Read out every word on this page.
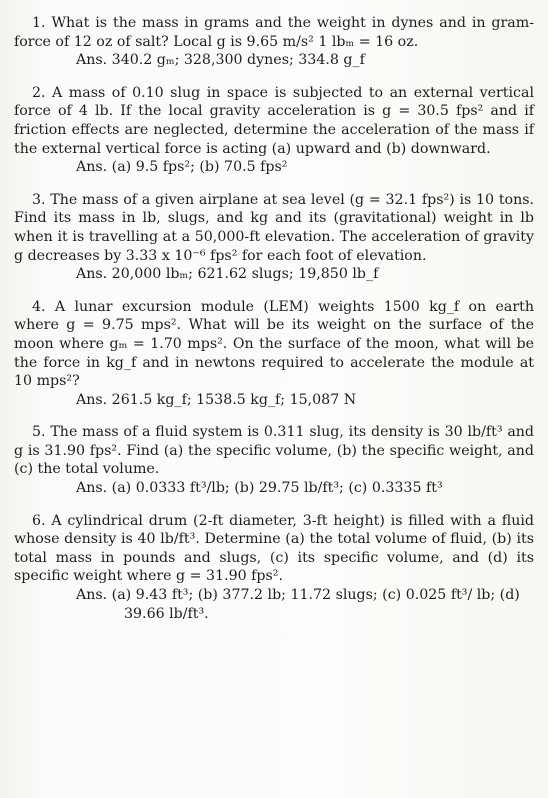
1. What is the mass in grams and the weight in dynes and in gram-force of 12 oz of salt? Local g is 9.65 m/s² 1 lbₘ = 16 oz.

Ans. 340.2 gₘ; 328,300 dynes; 334.8 g_f

2. A mass of 0.10 slug in space is subjected to an external vertical force of 4 lb. If the local gravity acceleration is g = 30.5 fps² and if friction effects are neglected, determine the acceleration of the mass if the external vertical force is acting (a) upward and (b) downward.

Ans. (a) 9.5 fps²; (b) 70.5 fps²

3. The mass of a given airplane at sea level (g = 32.1 fps²) is 10 tons. Find its mass in lb, slugs, and kg and its (gravitational) weight in lb when it is travelling at a 50,000-ft elevation. The acceleration of gravity g decreases by 3.33 x 10⁻⁶ fps² for each foot of elevation.

Ans. 20,000 lbₘ; 621.62 slugs; 19,850 lb_f

4. A lunar excursion module (LEM) weights 1500 kg_f on earth where g = 9.75 mps². What will be its weight on the surface of the moon where gₘ = 1.70 mps². On the surface of the moon, what will be the force in kg_f and in newtons required to accelerate the module at 10 mps²?

Ans. 261.5 kg_f; 1538.5 kg_f; 15,087 N

5. The mass of a fluid system is 0.311 slug, its density is 30 lb/ft³ and g is 31.90 fps². Find (a) the specific volume, (b) the specific weight, and (c) the total volume.

Ans. (a) 0.0333 ft³/lb; (b) 29.75 lb/ft³; (c) 0.3335 ft³

6. A cylindrical drum (2-ft diameter, 3-ft height) is filled with a fluid whose density is 40 lb/ft³. Determine (a) the total volume of fluid, (b) its total mass in pounds and slugs, (c) its specific volume, and (d) its specific weight where g = 31.90 fps².

Ans. (a) 9.43 ft³; (b) 377.2 lb; 11.72 slugs; (c) 0.025 ft³/ lb; (d) 39.66 lb/ft³.
